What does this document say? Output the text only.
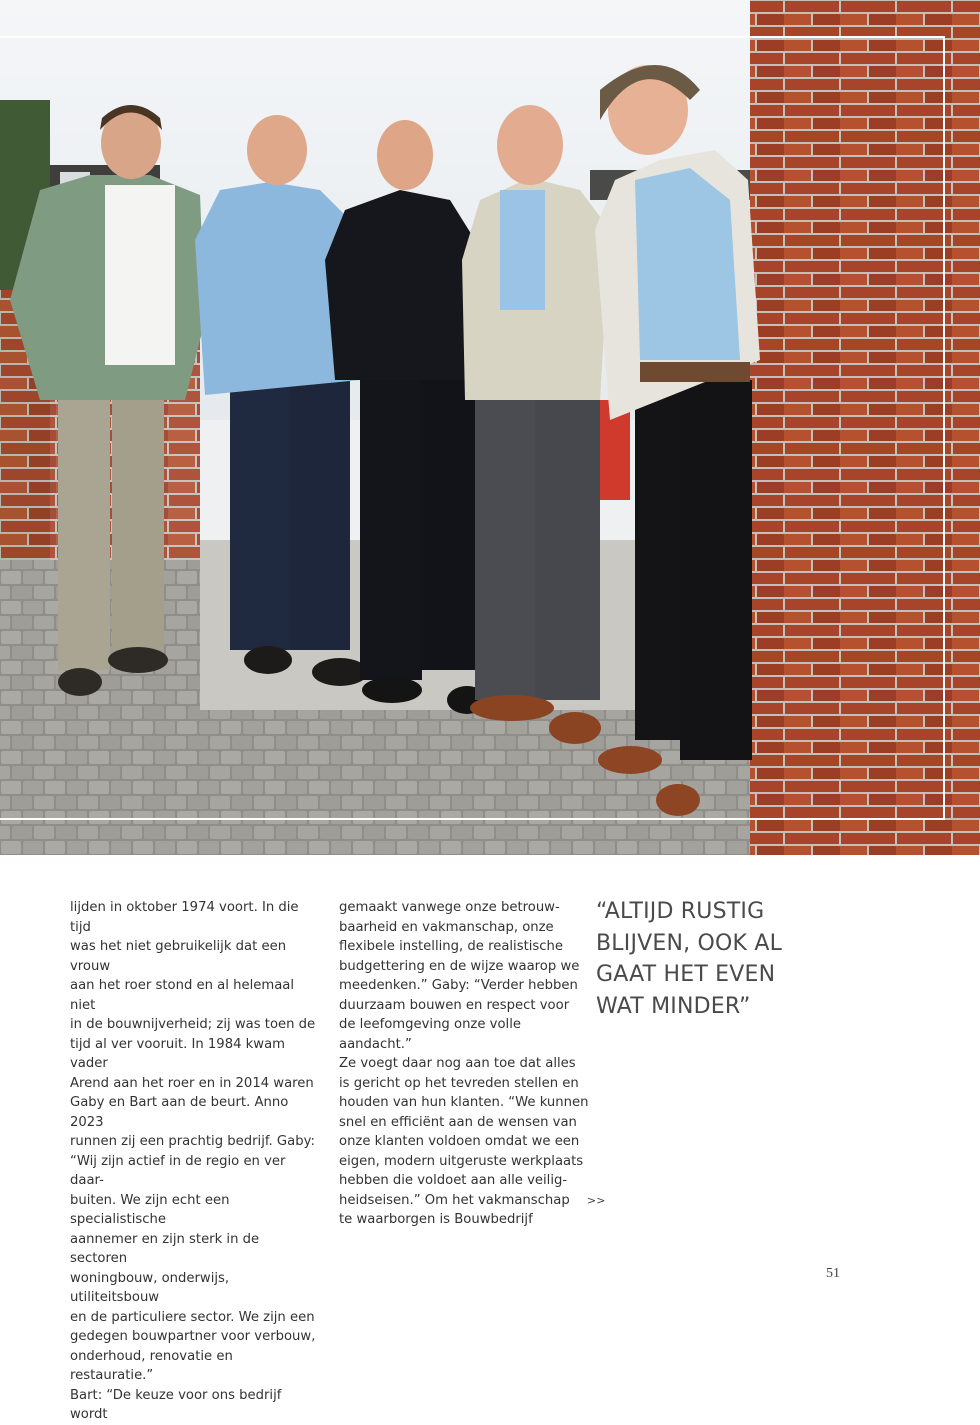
lijden in oktober 1974 voort. In die tijd
was het niet gebruikelijk dat een vrouw
aan het roer stond en al helemaal niet
in de bouwnijverheid; zij was toen de
tijd al ver vooruit. In 1984 kwam vader
Arend aan het roer en in 2014 waren
Gaby en Bart aan de beurt. Anno 2023
runnen zij een prachtig bedrijf. Gaby:
“Wij zijn actief in de regio en ver daar-
buiten. We zijn echt een specialistische
aannemer en zijn sterk in de sectoren
woningbouw, onderwijs, utiliteitsbouw
en de particuliere sector. We zijn een
gedegen bouwpartner voor verbouw,
onderhoud, renovatie en restauratie.”
Bart: “De keuze voor ons bedrijf wordt
gemaakt vanwege onze betrouw-
baarheid en vakmanschap, onze
flexibele instelling, de realistische
budgettering en de wijze waarop we
meedenken.” Gaby: “Verder hebben
duurzaam bouwen en respect voor
de leefomgeving onze volle aandacht.”
Ze voegt daar nog aan toe dat alles
is gericht op het tevreden stellen en
houden van hun klanten. “We kunnen
snel en efficiënt aan de wensen van
onze klanten voldoen omdat we een
eigen, modern uitgeruste werkplaats
hebben die voldoet aan alle veilig-
heidseisen.” Om het vakmanschap
te waarborgen is Bouwbedrijf
“ALTIJD RUSTIG
BLIJVEN, OOK AL
GAAT HET EVEN
WAT MINDER”
>>
51
